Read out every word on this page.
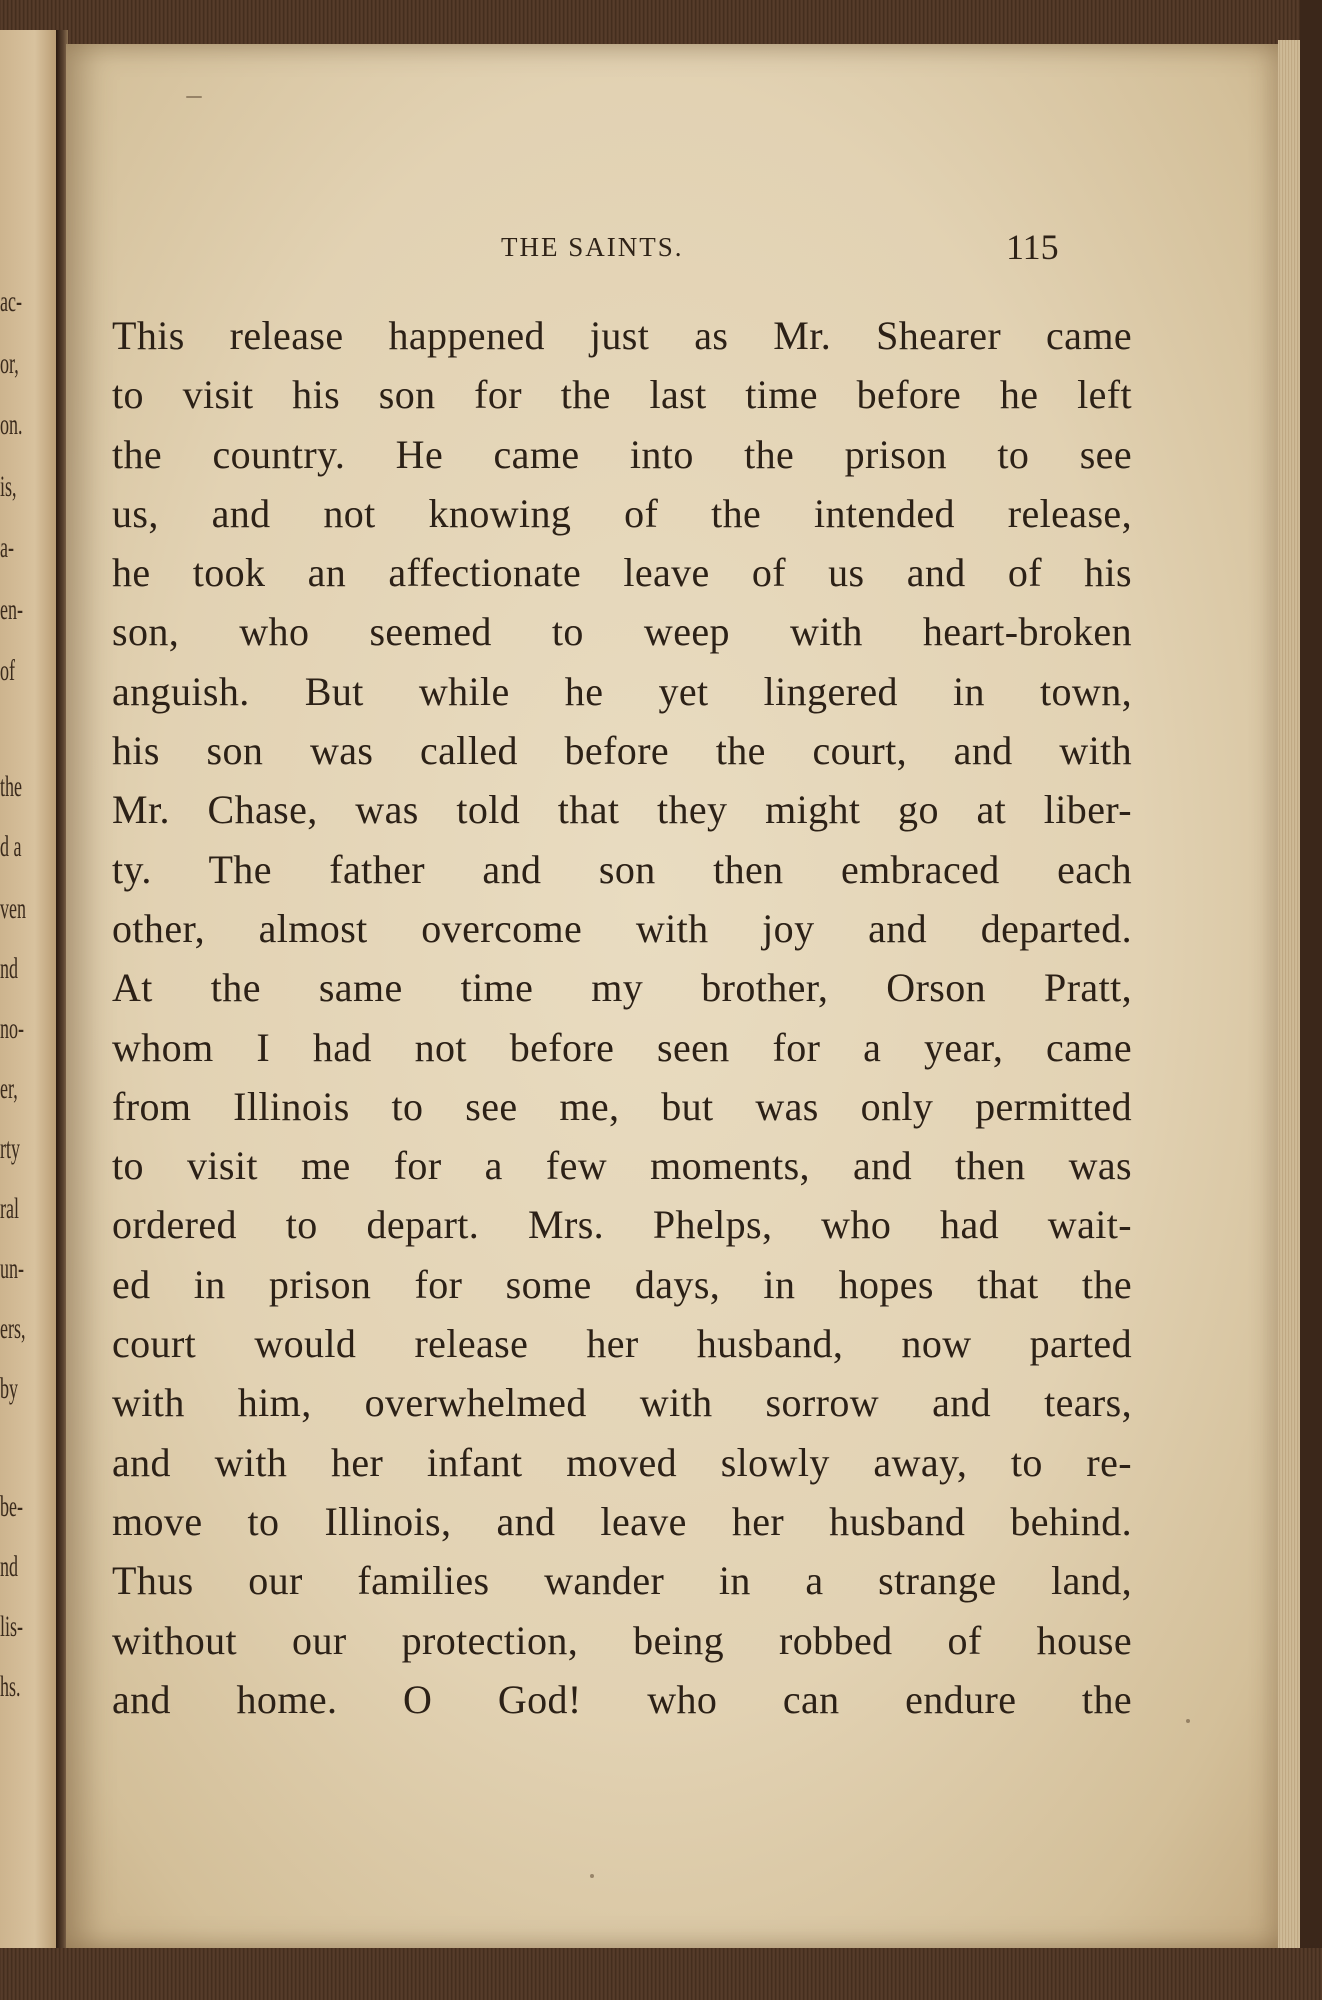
ac-
or,
on.
is,
a-
en-
of
the
d a
ven
nd
no-
er,
rty
ral
un-
ers,
by
be-
nd
lis-
hs.
THE SAINTS.	115
This release happened just as Mr. Shearer came
to visit his son for the last time before he left
the country. He came into the prison to see
us, and not knowing of the intended release,
he took an affectionate leave of us and of his
son, who seemed to weep with heart-broken
anguish. But while he yet lingered in town,
his son was called before the court, and with
Mr. Chase, was told that they might go at liber-
ty. The father and son then embraced each
other, almost overcome with joy and departed.
At the same time my brother, Orson Pratt,
whom I had not before seen for a year, came
from Illinois to see me, but was only permitted
to visit me for a few moments, and then was
ordered to depart. Mrs. Phelps, who had wait-
ed in prison for some days, in hopes that the
court would release her husband, now parted
with him, overwhelmed with sorrow and tears,
and with her infant moved slowly away, to re-
move to Illinois, and leave her husband behind.
Thus our families wander in a strange land,
without our protection, being robbed of house
and home. O God! who can endure the
